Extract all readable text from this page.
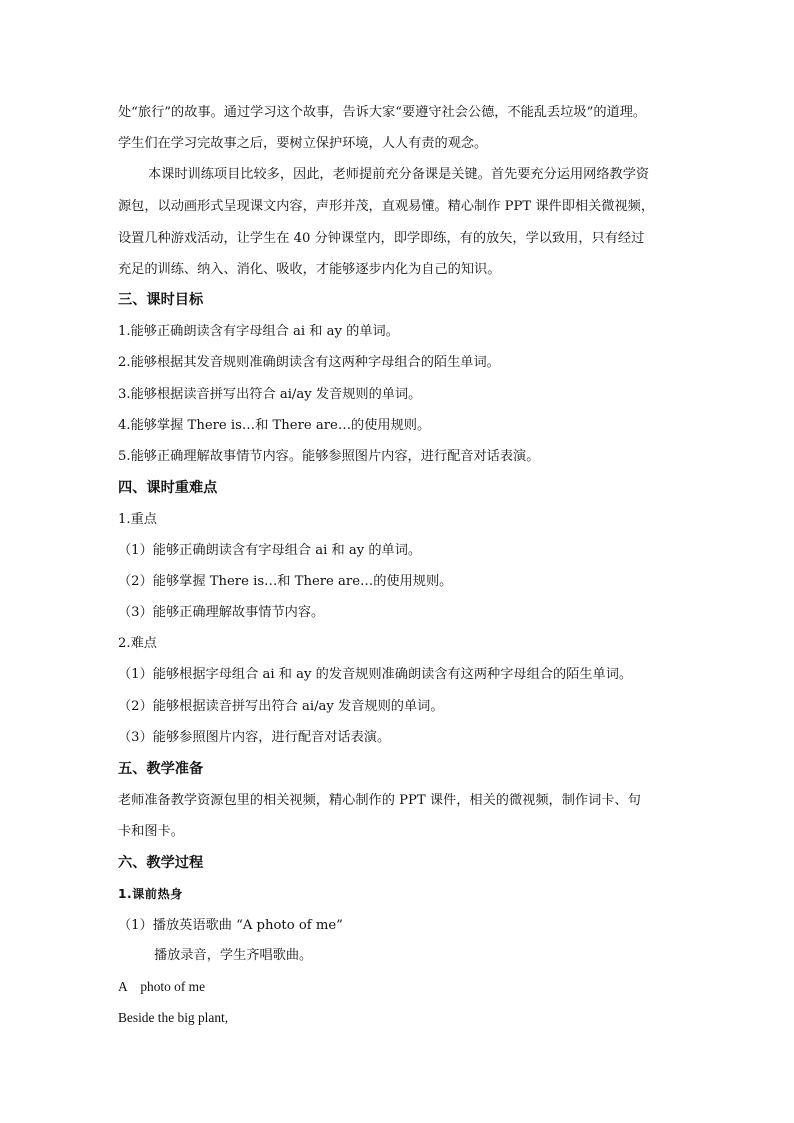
处“旅行”的故事。通过学习这个故事，告诉大家“要遵守社会公德，不能乱丢垃圾”的道理。
学生们在学习完故事之后，要树立保护环境，人人有责的观念。
本课时训练项目比较多，因此，老师提前充分备课是关键。首先要充分运用网络教学资
源包，以动画形式呈现课文内容，声形并茂，直观易懂。精心制作 PPT 课件即相关微视频，
设置几种游戏活动，让学生在 40 分钟课堂内，即学即练，有的放矢，学以致用，只有经过
充足的训练、纳入、消化、吸收，才能够逐步内化为自己的知识。
三、课时目标
1.能够正确朗读含有字母组合 ai 和 ay 的单词。
2.能够根据其发音规则准确朗读含有这两种字母组合的陌生单词。
3.能够根据读音拼写出符合 ai/ay 发音规则的单词。
4.能够掌握 There is…和 There are…的使用规则。
5.能够正确理解故事情节内容。能够参照图片内容，进行配音对话表演。
四、课时重难点
1.重点
（1）能够正确朗读含有字母组合 ai 和 ay 的单词。
（2）能够掌握 There is…和 There are…的使用规则。
（3）能够正确理解故事情节内容。
2.难点
（1）能够根据字母组合 ai 和 ay 的发音规则准确朗读含有这两种字母组合的陌生单词。
（2）能够根据读音拼写出符合 ai/ay 发音规则的单词。
（3）能够参照图片内容，进行配音对话表演。
五、教学准备
老师准备教学资源包里的相关视频，精心制作的 PPT 课件，相关的微视频，制作词卡、句
卡和图卡。
六、教学过程
1.课前热身
（1）播放英语歌曲 “A photo of me”
播放录音，学生齐唱歌曲。
A    photo of me
Beside the big plant,
